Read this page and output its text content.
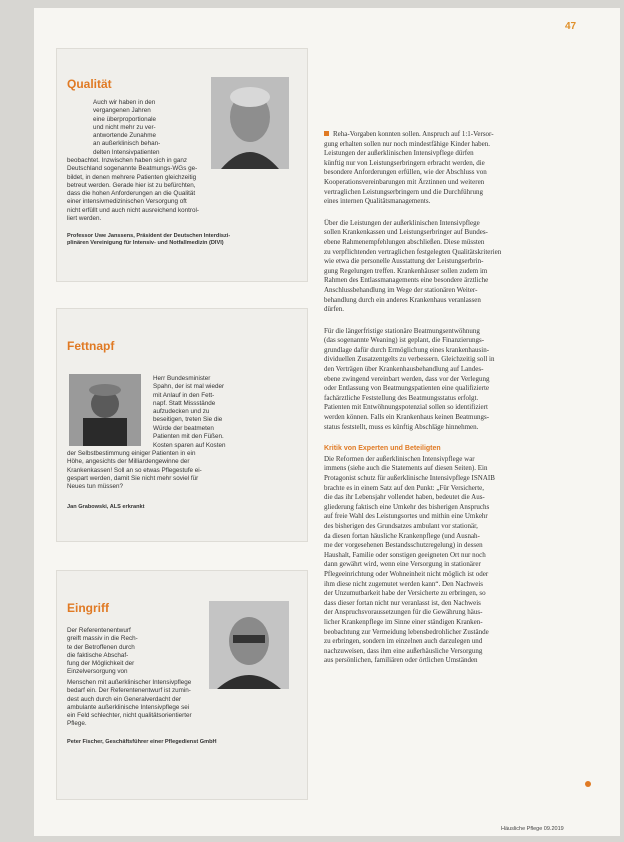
47
Qualität
Auch wir haben in den
vergangenen Jahren
eine überproportionale
und nicht mehr zu ver-
antwortende Zunahme
an außerklinisch behan-
delten Intensivpatienten
beobachtet. Inzwischen haben sich in ganz
Deutschland sogenannte Beatmungs-WGs ge-
bildet, in denen mehrere Patienten gleichzeitig
betreut werden. Gerade hier ist zu befürchten,
dass die hohen Anforderungen an die Qualität
einer intensivmedizinischen Versorgung oft
nicht erfüllt und auch nicht ausreichend kontrol-
liert werden.
Professor Uwe Janssens, Präsident der Deutschen Interdiszi-
plinären Vereinigung für Intensiv- und Notfallmedizin (DIVI)
Fettnapf
Herr Bundesminister
Spahn, der ist mal wieder
mit Anlauf in den Fett-
napf. Statt Missstände
aufzudecken und zu
beseitigen, treten Sie die
Würde der beatmeten
Patienten mit den Füßen.
Kosten sparen auf Kosten
der Selbstbestimmung einiger Patienten in ein
Höhe, angesichts der Milliardengewinne der
Krankenkassen! Soll an so etwas Pflegestufe ei-
gespart werden, damit Sie nicht mehr soviel für
Neues tun müssen?
Jan Grabowski, ALS erkrankt
Eingriff
Der Referentenentwurf
greift massiv in die Rech-
te der Betroffenen durch
die faktische Abschaf-
fung der Möglichkeit der
Einzelversorgung von
Menschen mit außerklinischer Intensivpflege
bedarf ein. Der Referentenentwurf ist zumin-
dest auch durch ein Generalverdacht der
ambulante außerklinische Intensivpflege sei
ein Feld schlechter, nicht qualitätsorientierter
Pflege.
Peter Fischer, Geschäftsführer einer Pflegedienst GmbH
Reha-Vorgaben konnten sollen. Anspruch auf 1:1-Versor-
gung erhalten sollen nur noch mindestfähige Kinder haben.
Leistungen der außerklinischen Intensivpflege dürfen
künftig nur von Leistungserbringern erbracht werden, die
besondere Anforderungen erfüllen, wie der Abschluss von
Kooperationsvereinbarungen mit Ärztinnen und weiteren
vertraglichen Leistungserbringern und die Durchführung
eines internen Qualitätsmanagements.
Über die Leistungen der außerklinischen Intensivpflege
sollen Krankenkassen und Leistungserbringer auf Bundes-
ebene Rahmenempfehlungen abschließen. Diese müssten
zu verpflichtenden vertraglichen festgelegten Qualitätskriterien
wie etwa die personelle Ausstattung der Leistungserbrin-
gung Regelungen treffen. Krankenhäuser sollen zudem im
Rahmen des Entlassmanagements eine besondere ärztliche
Anschlussbehandlung im Wege der stationären Weiter-
behandlung durch ein anderes Krankenhaus veranlassen
dürfen.
Für die längerfristige stationäre Beatmungsentwöhnung
(das sogenannte Weaning) ist geplant, die Finanzierungs-
grundlage dafür durch Ermöglichung eines krankenhausin-
dividuellen Zusatzentgelts zu verbessern. Gleichzeitig soll in
den Verträgen über Krankenhausbehandlung auf Landes-
ebene zwingend vereinbart werden, dass vor der Verlegung
oder Entlassung von Beatmungspatienten eine qualifizierte
fachärztliche Feststellung des Beatmungsstatus erfolgt.
Patienten mit Entwöhnungspotenzial sollen so identifiziert
werden können. Falls ein Krankenhaus keinen Beatmungs-
status feststellt, muss es künftig Abschläge hinnehmen.
Kritik von Experten und Beteiligten
Die Reformen der außerklinischen Intensivpflege war
immens (siehe auch die Statements auf diesen Seiten). Ein
Protagonist schutz für außerklinische Intensivpflege ISNAIB
brachte es in einem Satz auf den Punkt: „Für Versicherte,
die das ihr Lebensjahr vollendet haben, bedeutet die Aus-
gliederung faktisch eine Umkehr des bisherigen Anspruchs
auf freie Wahl des Leistungsortes und mithin eine Umkehr
des bisherigen des Grundsatzes ambulant vor stationär,
da diesen fortan häusliche Krankenpflege (und Ausnah-
me der vorgesehenen Bestandsschutzregelung) in dessen
Haushalt, Familie oder sonstigen geeigneten Ort nur noch
dann gewährt wird, wenn eine Versorgung in stationärer
Pflegeeinrichtung oder Wohneinheit nicht möglich ist oder
ihm diese nicht zugemutet werden kann“. Den Nachweis
der Unzumutbarkeit habe der Versicherte zu erbringen, so
dass dieser fortan nicht nur veranlasst ist, den Nachweis
der Anspruchsvoraussetzungen für die Gewährung häus-
licher Krankenpflege im Sinne einer ständigen Kranken-
beobachtung zur Vermeidung lebensbedrohlicher Zustände
zu erbringen, sondern im einzelnen auch darzulegen und
nachzuweisen, dass ihm eine außerhäusliche Versorgung
aus persönlichen, familiären oder örtlichen Umständen
Häusliche Pflege 09.2019
